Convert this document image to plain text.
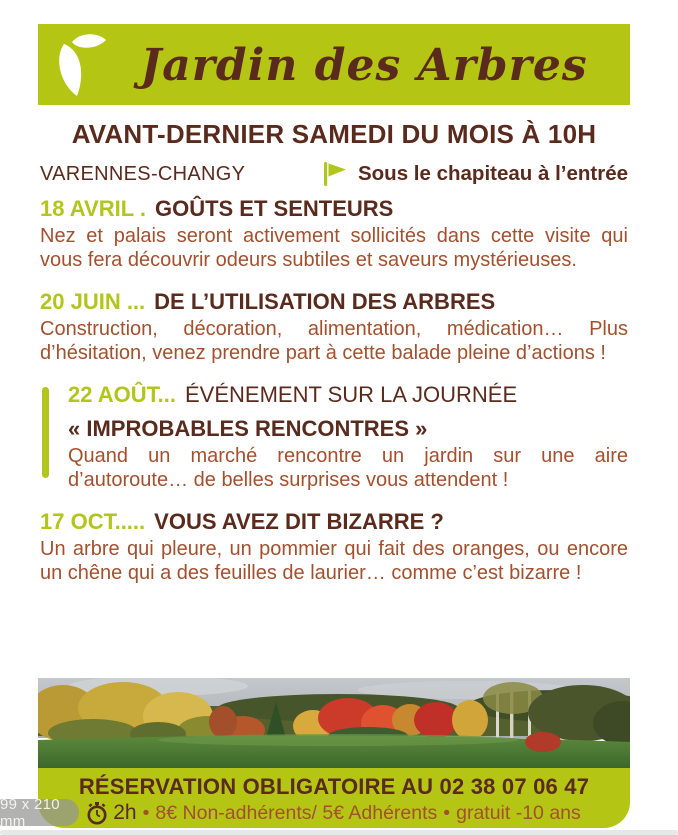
Jardin des Arbres
AVANT-DERNIER SAMEDI DU MOIS À 10H
VARENNES-CHANGY	Sous le chapiteau à l’entrée
18 AVRIL . GOÛTS ET SENTEURS

Nez et palais seront activement sollicités dans cette visite qui vous fera découvrir odeurs subtiles et saveurs mystérieuses.

20 JUIN ... DE L’UTILISATION DES ARBRES

Construction, décoration, alimentation, médication… Plus d’hésitation, venez prendre part à cette balade pleine d’actions !

22 AOÛT... ÉVÉNEMENT SUR LA JOURNÉE
« IMPROBABLES RENCONTRES »

Quand un marché rencontre un jardin sur une aire d’autoroute… de belles surprises vous attendent !

17 OCT..... VOUS AVEZ DIT BIZARRE ?

Un arbre qui pleure, un pommier qui fait des oranges, ou encore un chêne qui a des feuilles de laurier… comme c’est bizarre !

RÉSERVATION OBLIGATOIRE AU 02 38 07 06 47
2h • 8€ Non-adhérents/ 5€ Adhérents • gratuit -10 ans
99 x 210 mm
